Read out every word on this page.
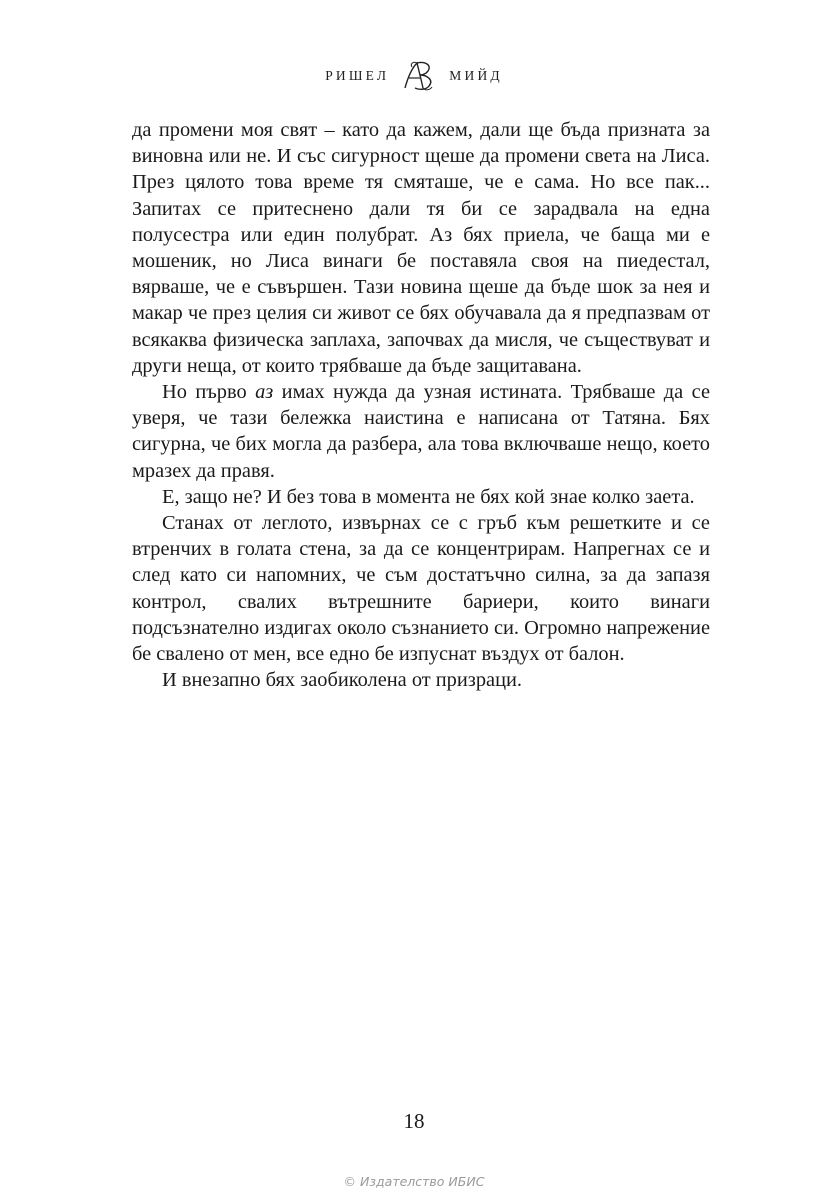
РИШЕЛ	МИЙД

да промени моя свят – като да кажем, дали ще бъда призната за виновна или не. И със сигурност щеше да промени света на Лиса. През цялото това време тя смяташе, че е сама. Но все пак... Запитах се притеснено дали тя би се зарадвала на една полусестра или един полубрат. Аз бях приела, че баща ми е мошеник, но Лиса винаги бе поставяла своя на пиедестал, вярваше, че е съвършен. Тази новина щеше да бъде шок за нея и макар че през целия си живот се бях обучавала да я предпазвам от всякаква физическа заплаха, започвах да мисля, че съществуват и други неща, от които трябваше да бъде защитавана.

Но първо аз имах нужда да узная истината. Трябваше да се уверя, че тази бележка наистина е написана от Татяна. Бях сигурна, че бих могла да разбера, ала това включваше нещо, което мразех да правя.

Е, защо не? И без това в момента не бях кой знае колко заета.

Станах от леглото, извърнах се с гръб към решетките и се втренчих в голата стена, за да се концентрирам. Напрегнах се и след като си напомних, че съм достатъчно силна, за да запазя контрол, свалих вътрешните бариери, които винаги подсъзнателно издигах около съзнанието си. Огромно напрежение бе свалено от мен, все едно бе изпуснат въздух от балон.

И внезапно бях заобиколена от призраци.

18
© Издателство ИБИС
